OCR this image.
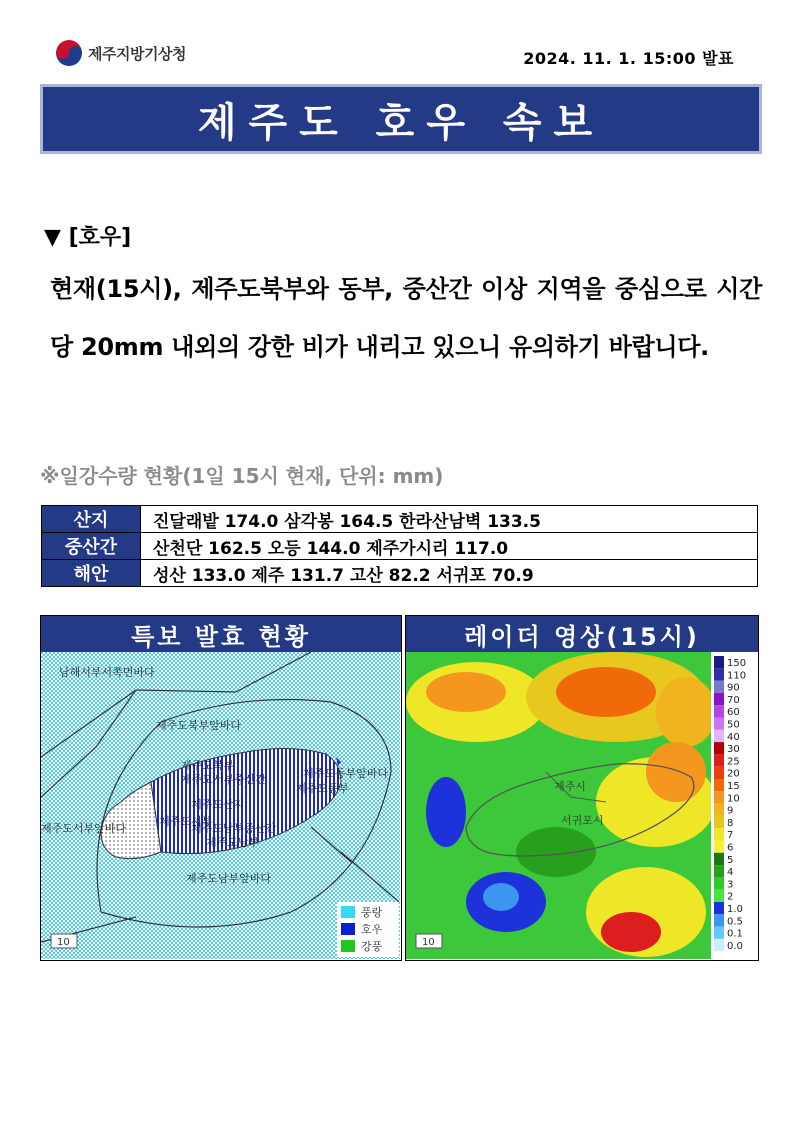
제주지방기상청	2024. 11. 1. 15:00 발표
제주도 호우 속보
▼ [호우]
현재(15시), 제주도북부와 동부, 중산간 이상 지역을 중심으로 시간당 20mm 내외의 강한 비가 내리고 있으니 유의하기 바랍니다.
※일강수량 현황(1일 15시 현재, 단위: mm)
산지	진달래밭 174.0 삼각봉 164.5 한라산남벽 133.5
중산간	산천단 162.5 오등 144.0 제주가시리 117.0
해안	성산 133.0 제주 131.7 고산 82.2 서귀포 70.9
특보 발효 현황
남해서부서쪽먼바다
제주도북부앞바다
제주도북부
제주도동부앞바다
제주도서부중산간
제주도산지
제주도서부
제주도서부앞바다	제주도남부중산간
제주도동부
제주도남부
제주도남부앞바다
10
풍랑
호우
강풍
레이더 영상(15시)
제주시
서귀포시
10
150
110
90
70
60
50
40
30
25
20
15
10
9
8
7
6
5
4
3
2
1.0
0.5
0.1
0.0
